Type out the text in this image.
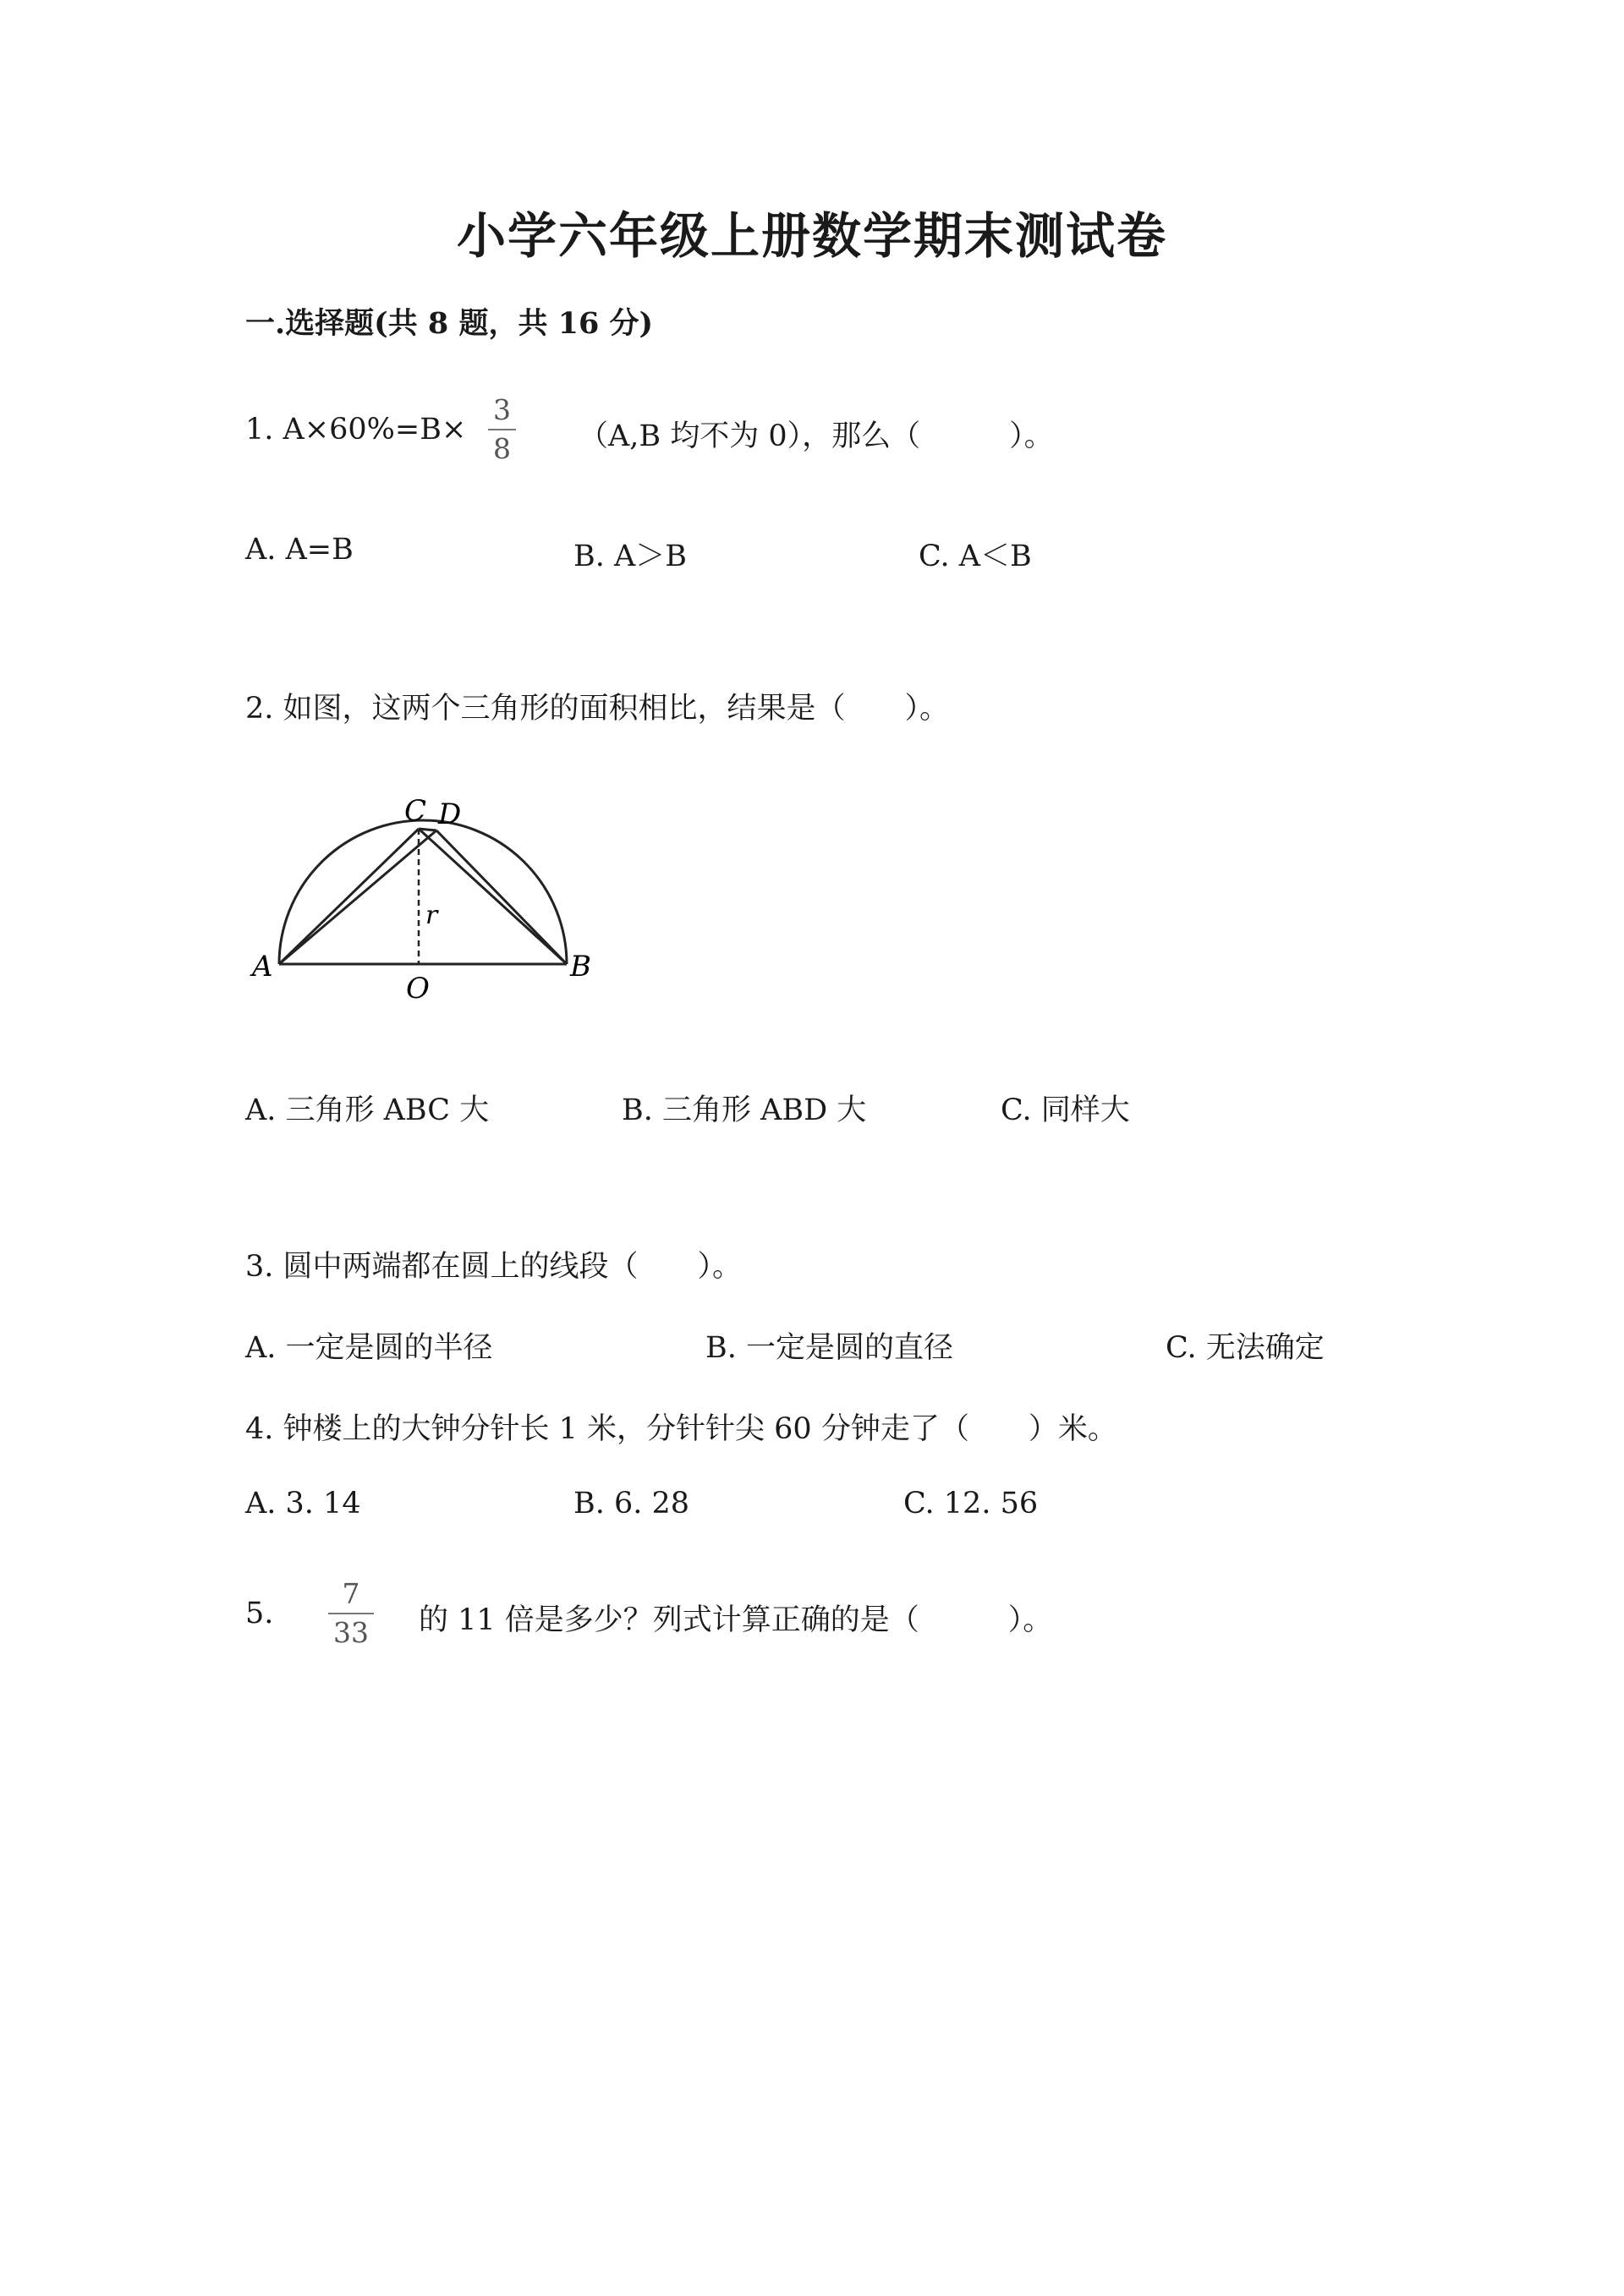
小学六年级上册数学期末测试卷
一.选择题(共 8 题，共 16 分)
1. A×60%=B×
3
8 （A,B 均不为 0），那么（　　　）。
A. A=B	B. A＞B	C. A＜B
2. 如图，这两个三角形的面积相比，结果是（　　）。
A	B
C D
O
r
A. 三角形 ABC 大	B. 三角形 ABD 大	C. 同样大
3. 圆中两端都在圆上的线段（　　）。
A. 一定是圆的半径	B. 一定是圆的直径	C. 无法确定
4. 钟楼上的大钟分针长 1 米，分针针尖 60 分钟走了（　　）米。
A. 3. 14	B. 6. 28	C. 12. 56
5.
7
33 的 11 倍是多少？列式计算正确的是（　　　）。
